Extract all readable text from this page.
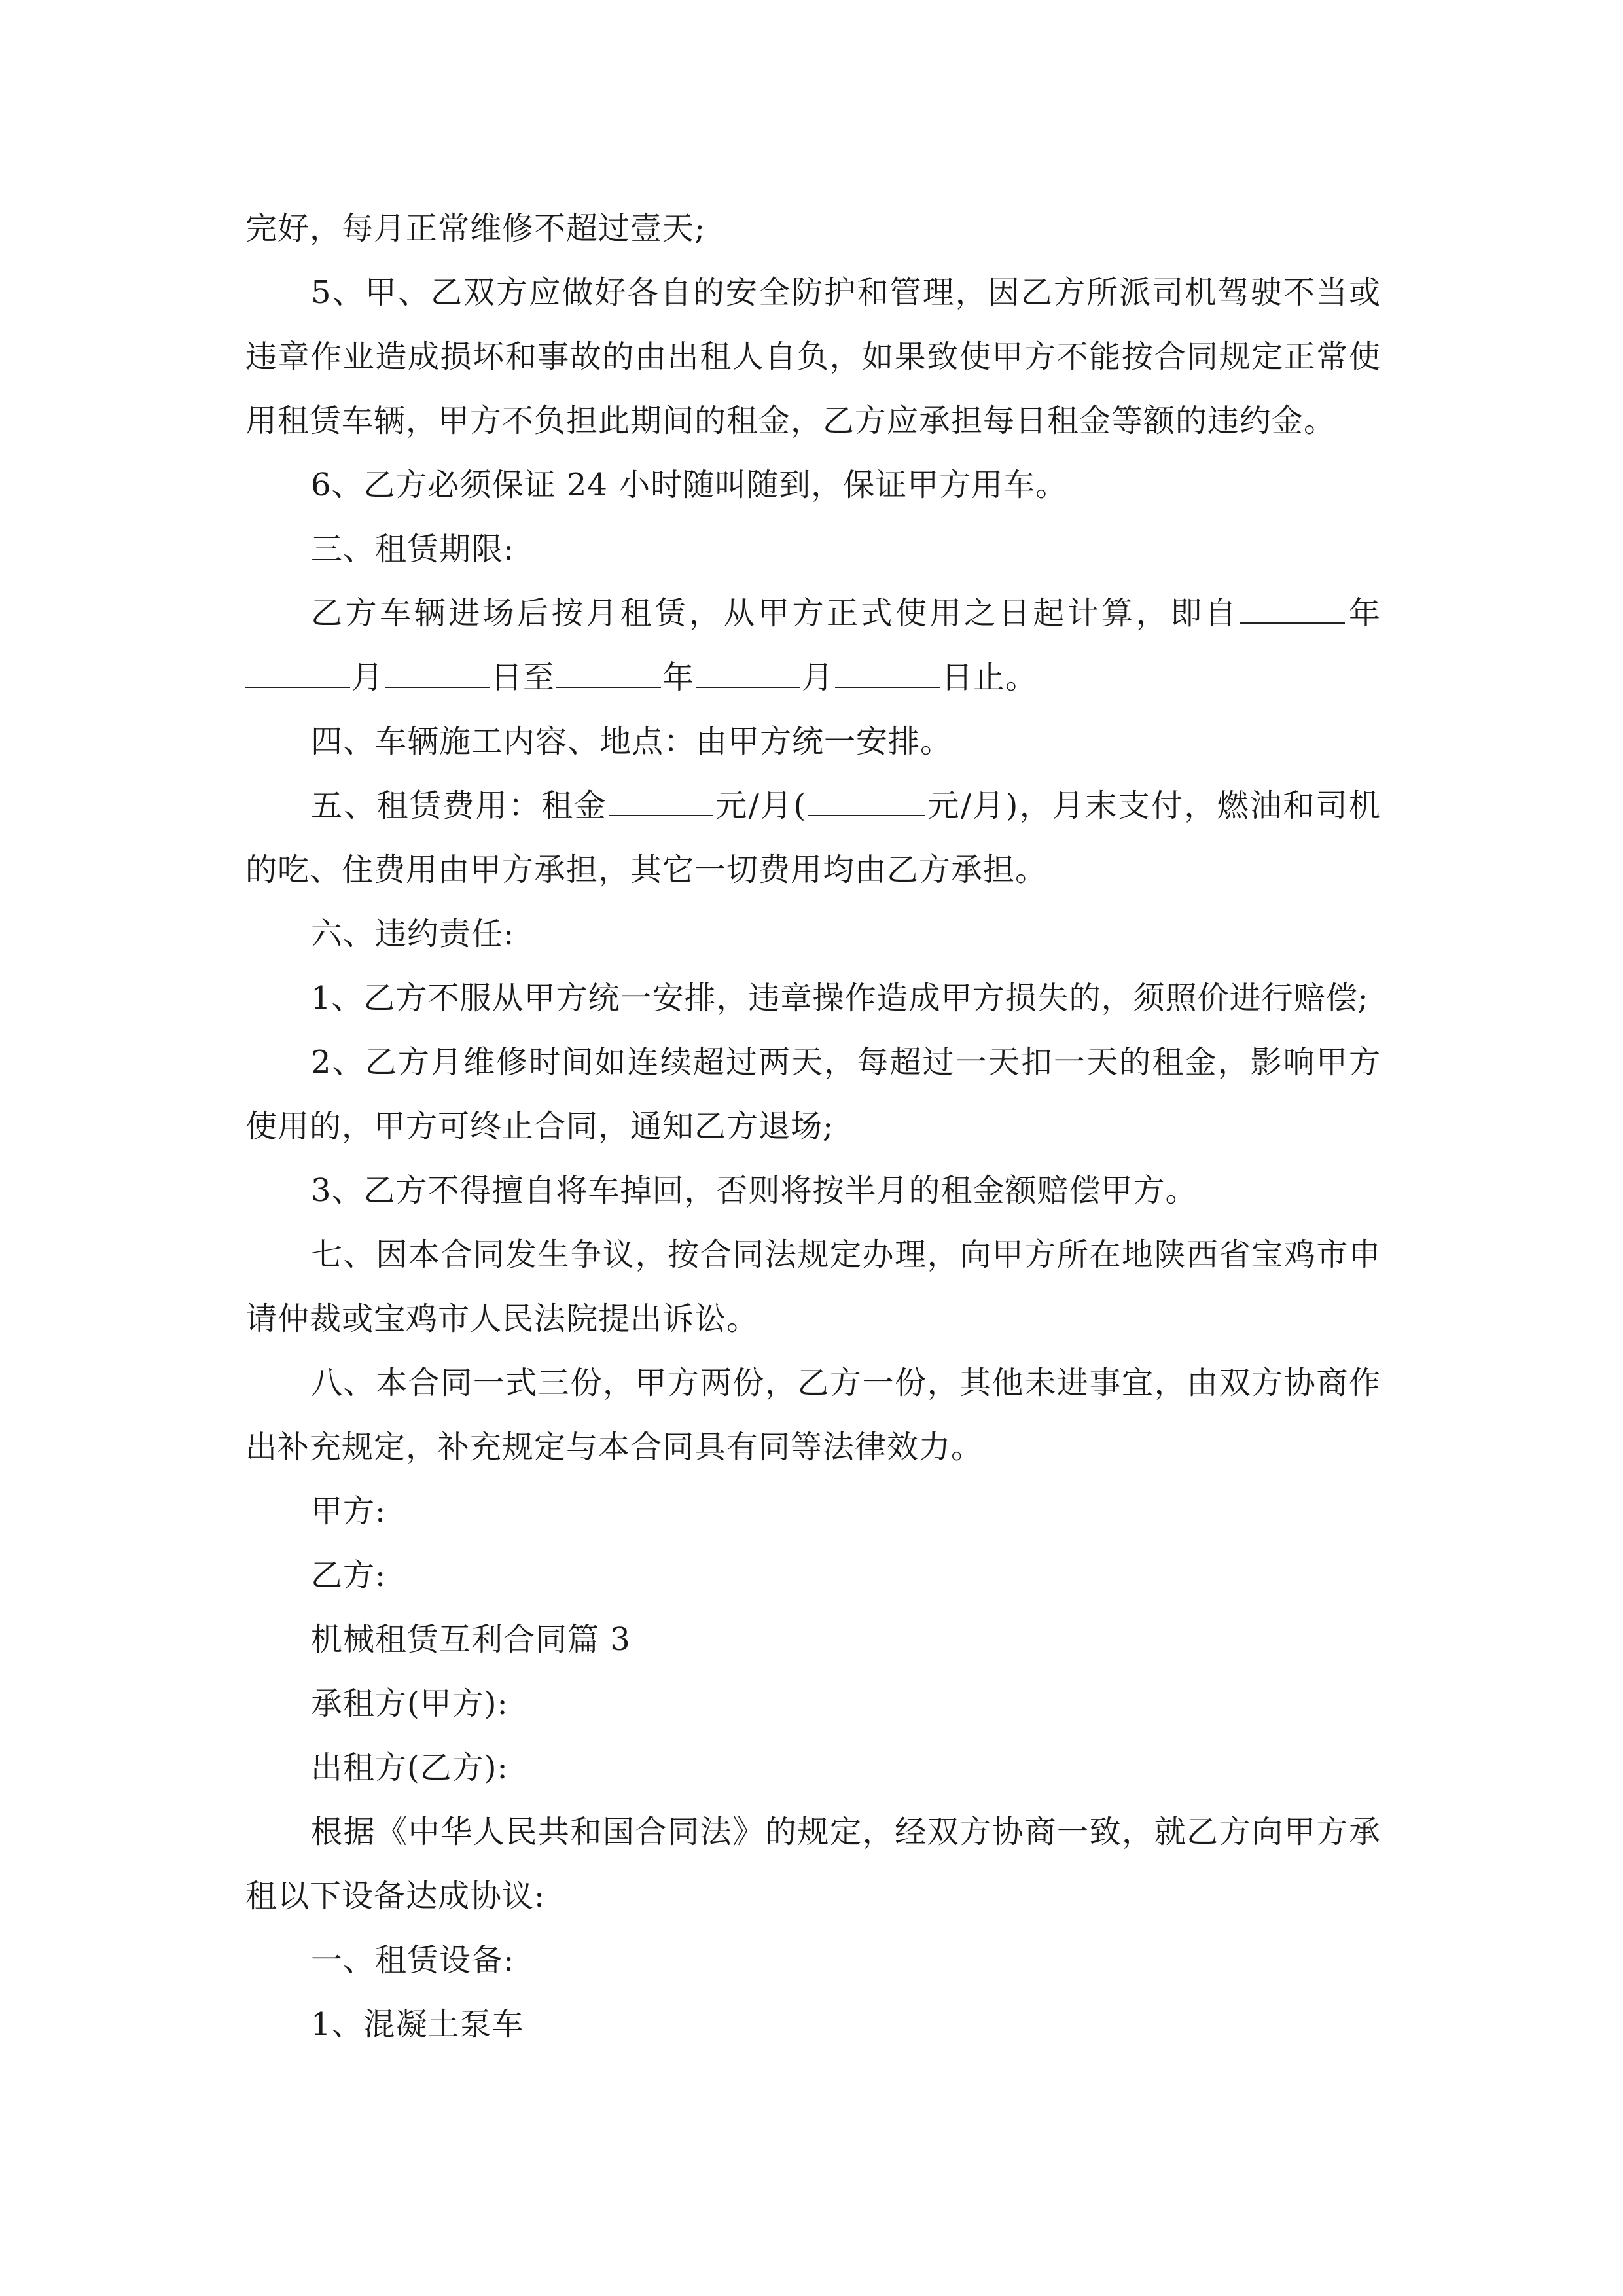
完好，每月正常维修不超过壹天;

5、甲、乙双方应做好各自的安全防护和管理，因乙方所派司机驾驶不当或违章作业造成损坏和事故的由出租人自负，如果致使甲方不能按合同规定正常使用租赁车辆，甲方不负担此期间的租金，乙方应承担每日租金等额的违约金。

6、乙方必须保证 24 小时随叫随到，保证甲方用车。

三、租赁期限:

乙方车辆进场后按月租赁，从甲方正式使用之日起计算，即自	年月	日至	年	月	日止。

四、车辆施工内容、地点：由甲方统一安排。

五、租赁费用：租金	元/月(	元/月)，月末支付，燃油和司机的吃、住费用由甲方承担，其它一切费用均由乙方承担。

六、违约责任:

1、乙方不服从甲方统一安排，违章操作造成甲方损失的，须照价进行赔偿;

2、乙方月维修时间如连续超过两天，每超过一天扣一天的租金，影响甲方使用的，甲方可终止合同，通知乙方退场;

3、乙方不得擅自将车掉回，否则将按半月的租金额赔偿甲方。

七、因本合同发生争议，按合同法规定办理，向甲方所在地陕西省宝鸡市申请仲裁或宝鸡市人民法院提出诉讼。

八、本合同一式三份，甲方两份，乙方一份，其他未进事宜，由双方协商作出补充规定，补充规定与本合同具有同等法律效力。

甲方:

乙方:

机械租赁互利合同篇 3

承租方(甲方):

出租方(乙方):

根据《中华人民共和国合同法》的规定，经双方协商一致，就乙方向甲方承租以下设备达成协议:

一、租赁设备:

1、混凝土泵车
